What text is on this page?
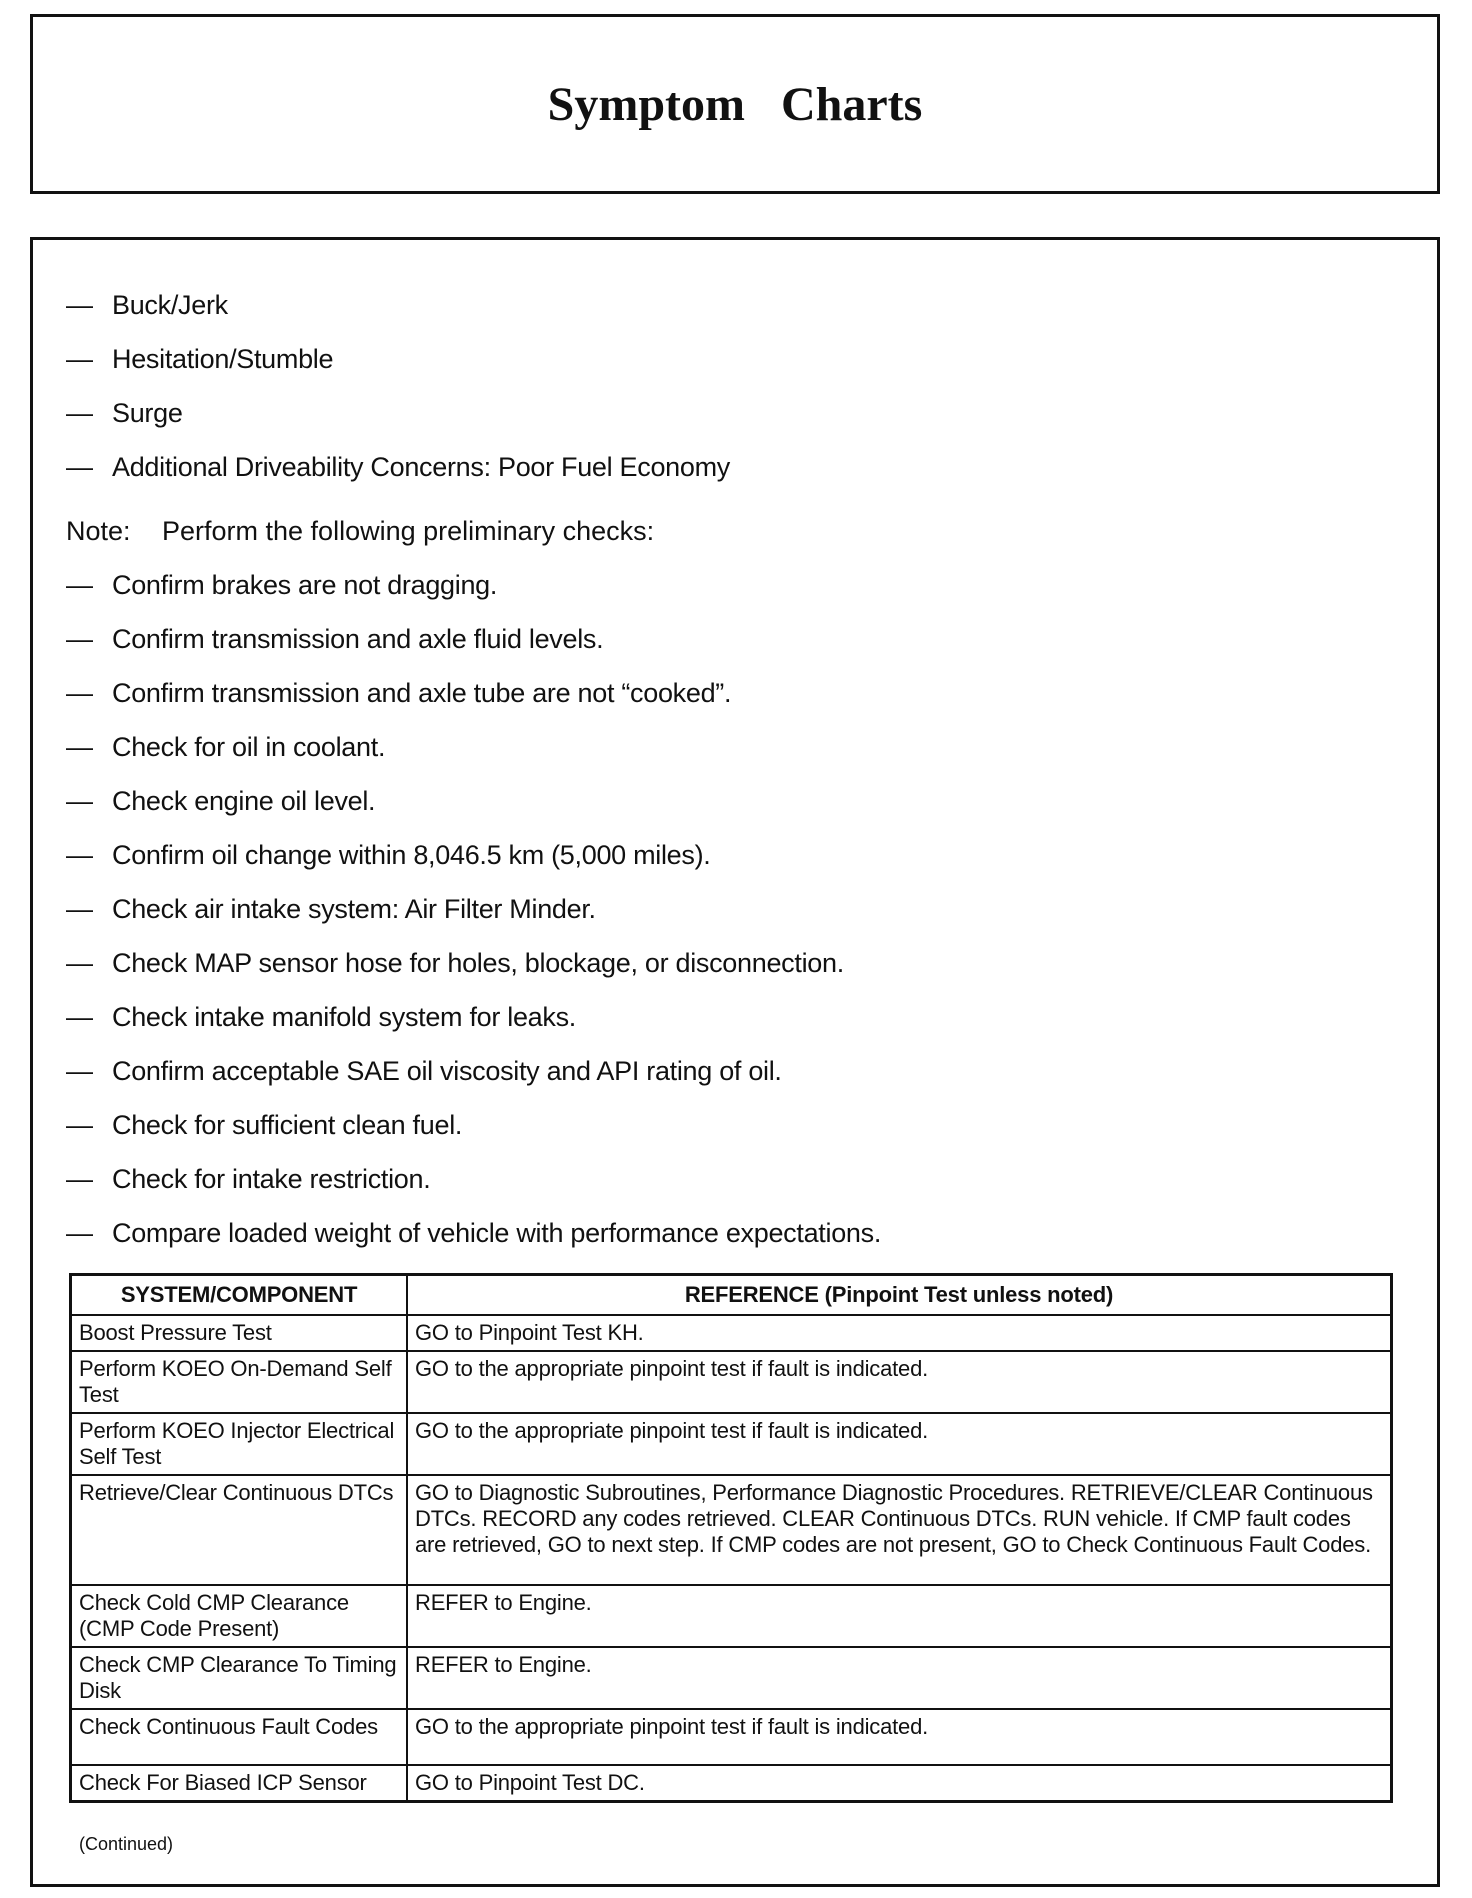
Symptom Charts
— Buck/Jerk
— Hesitation/Stumble
— Surge
— Additional Driveability Concerns: Poor Fuel Economy
Note:	Perform the following preliminary checks:
— Confirm brakes are not dragging.
— Confirm transmission and axle fluid levels.
— Confirm transmission and axle tube are not “cooked”.
— Check for oil in coolant.
— Check engine oil level.
— Confirm oil change within 8,046.5 km (5,000 miles).
— Check air intake system: Air Filter Minder.
— Check MAP sensor hose for holes, blockage, or disconnection.
— Check intake manifold system for leaks.
— Confirm acceptable SAE oil viscosity and API rating of oil.
— Check for sufficient clean fuel.
— Check for intake restriction.
— Compare loaded weight of vehicle with performance expectations.
SYSTEM/COMPONENT	REFERENCE (Pinpoint Test unless noted)
Boost Pressure Test	GO to Pinpoint Test KH.
Perform KOEO On-Demand Self Test	GO to the appropriate pinpoint test if fault is indicated.
Perform KOEO Injector Electrical Self Test	GO to the appropriate pinpoint test if fault is indicated.
Retrieve/Clear Continuous DTCs	GO to Diagnostic Subroutines, Performance Diagnostic Procedures. RETRIEVE/CLEAR Continuous DTCs. RECORD any codes retrieved. CLEAR Continuous DTCs. RUN vehicle. If CMP fault codes are retrieved, GO to next step. If CMP codes are not present, GO to Check Continuous Fault Codes.
Check Cold CMP Clearance (CMP Code Present)	REFER to Engine.
Check CMP Clearance To Timing Disk	REFER to Engine.
Check Continuous Fault Codes	GO to the appropriate pinpoint test if fault is indicated.
Check For Biased ICP Sensor	GO to Pinpoint Test DC.
(Continued)
